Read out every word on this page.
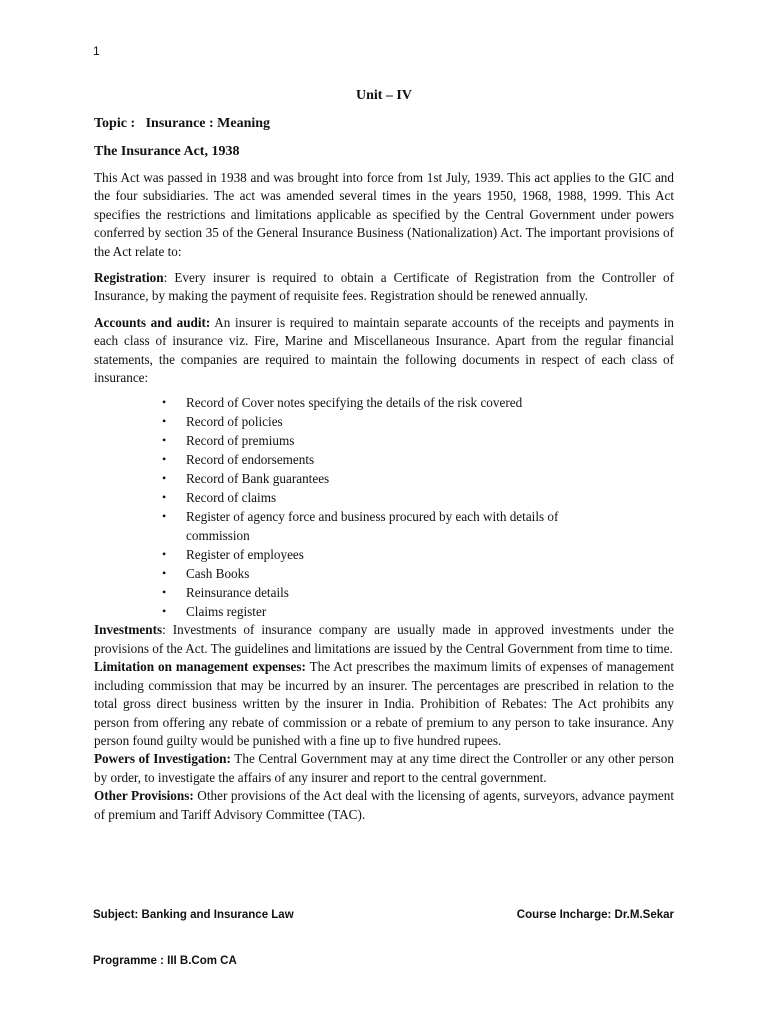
1
Unit – IV
Topic :   Insurance : Meaning
The Insurance Act, 1938

This Act was passed in 1938 and was brought into force from 1st July, 1939. This act applies to the GIC and the four subsidiaries. The act was amended several times in the years 1950, 1968, 1988, 1999. This Act specifies the restrictions and limitations applicable as specified by the Central Government under powers conferred by section 35 of the General Insurance Business (Nationalization) Act. The important provisions of the Act relate to:

Registration: Every insurer is required to obtain a Certificate of Registration from the Controller of Insurance, by making the payment of requisite fees. Registration should be renewed annually.

Accounts and audit: An insurer is required to maintain separate accounts of the receipts and payments in each class of insurance viz. Fire, Marine and Miscellaneous Insurance. Apart from the regular financial statements, the companies are required to maintain the following documents in respect of each class of insurance:

• Record of Cover notes specifying the details of the risk covered
• Record of policies
• Record of premiums
• Record of endorsements
• Record of Bank guarantees
• Record of claims
• Register of agency force and business procured by each with details of commission
• Register of employees
• Cash Books
• Reinsurance details
• Claims register

Investments: Investments of insurance company are usually made in approved investments under the provisions of the Act. The guidelines and limitations are issued by the Central Government from time to time.

Limitation on management expenses: The Act prescribes the maximum limits of expenses of management including commission that may be incurred by an insurer. The percentages are prescribed in relation to the total gross direct business written by the insurer in India. Prohibition of Rebates: The Act prohibits any person from offering any rebate of commission or a rebate of premium to any person to take insurance. Any person found guilty would be punished with a fine up to five hundred rupees.

Powers of Investigation: The Central Government may at any time direct the Controller or any other person by order, to investigate the affairs of any insurer and report to the central government.

Other Provisions: Other provisions of the Act deal with the licensing of agents, surveyors, advance payment of premium and Tariff Advisory Committee (TAC).

Subject: Banking and Insurance Law	Course Incharge: Dr.M.Sekar
Programme : III B.Com CA
